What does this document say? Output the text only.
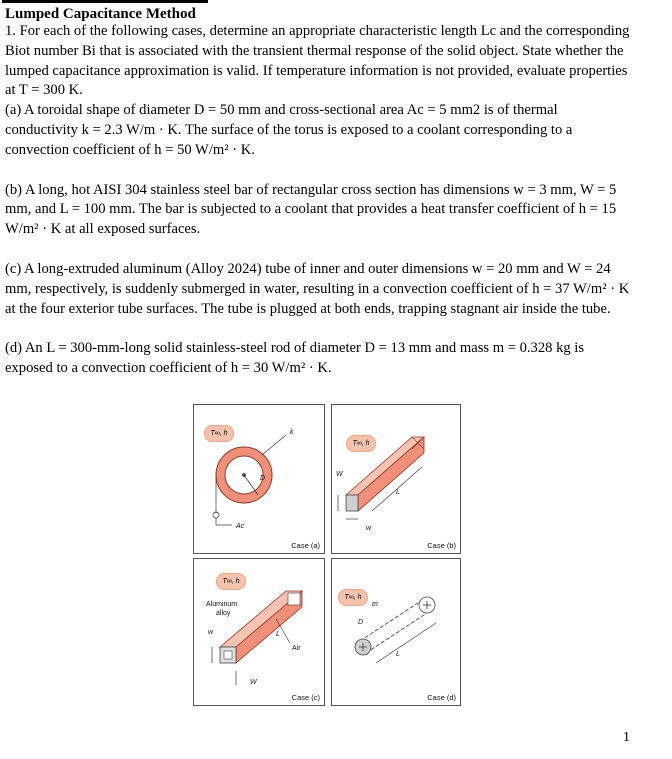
Lumped Capacitance Method

1. For each of the following cases, determine an appropriate characteristic length Lc and the corresponding Biot number Bi that is associated with the transient thermal response of the solid object. State whether the lumped capacitance approximation is valid. If temperature information is not provided, evaluate properties at T = 300 K.

(a) A toroidal shape of diameter D = 50 mm and cross-sectional area Ac = 5 mm2 is of thermal conductivity k = 2.3 W/m · K. The surface of the torus is exposed to a coolant corresponding to a convection coefficient of h = 50 W/m² · K.

(b) A long, hot AISI 304 stainless steel bar of rectangular cross section has dimensions w = 3 mm, W = 5 mm, and L = 100 mm. The bar is subjected to a coolant that provides a heat transfer coefficient of h = 15 W/m² · K at all exposed surfaces.

(c) A long-extruded aluminum (Alloy 2024) tube of inner and outer dimensions w = 20 mm and W = 24 mm, respectively, is suddenly submerged in water, resulting in a convection coefficient of h = 37 W/m² · K at the four exterior tube surfaces. The tube is plugged at both ends, trapping stagnant air inside the tube.

(d) An L = 300-mm-long solid stainless-steel rod of diameter D = 13 mm and mass m = 0.328 kg is exposed to a convection coefficient of h = 30 W/m² · K.

T∞, h	k
D
Ac
Case (a)
T∞, h
W
w
L
Case (b)
T∞, h
Aluminum
alloy
w	L
Air
W
Case (c)
T∞, h
m
D
L
Case (d)
1
